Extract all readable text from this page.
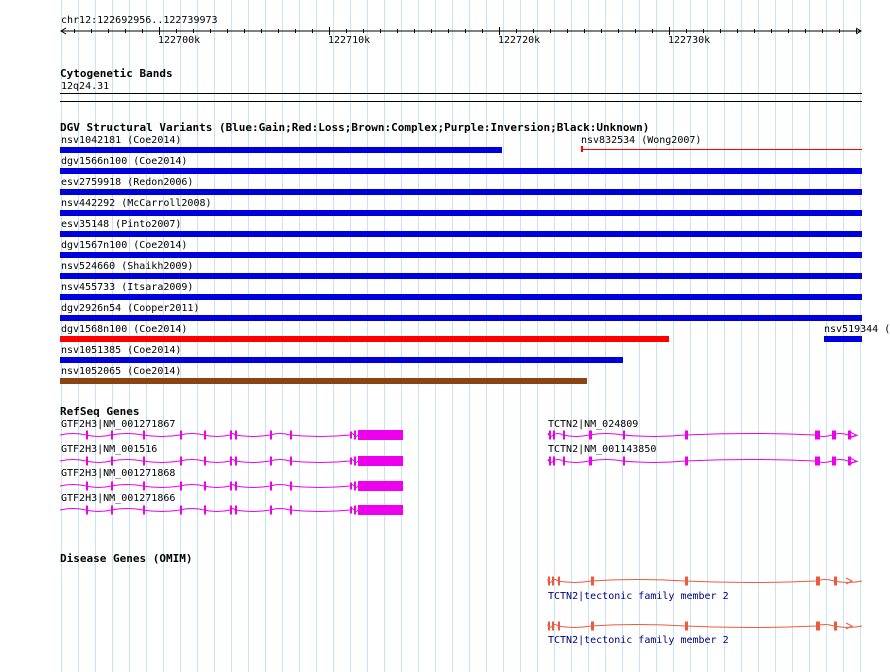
chr12:122692956..122739973
122700k	122710k	122720k	122730k
Cytogenetic Bands
12q24.31
DGV Structural Variants (Blue:Gain;Red:Loss;Brown:Complex;Purple:Inversion;Black:Unknown)
nsv1042181 (Coe2014)	nsv832534 (Wong2007)
dgv1566n100 (Coe2014)
esv2759918 (Redon2006)
nsv442292 (McCarroll2008)
esv35148 (Pinto2007)
dgv1567n100 (Coe2014)
nsv524660 (Shaikh2009)
nsv455733 (Itsara2009)
dgv2926n54 (Cooper2011)
dgv1568n100 (Coe2014)	nsv519344 (
nsv1051385 (Coe2014)
nsv1052065 (Coe2014)
RefSeq Genes
GTF2H3|NM_001271867
GTF2H3|NM_001516
GTF2H3|NM_001271868
GTF2H3|NM_001271866
TCTN2|NM_024809
TCTN2|NM_001143850
Disease Genes (OMIM)
TCTN2|tectonic family member 2
TCTN2|tectonic family member 2
